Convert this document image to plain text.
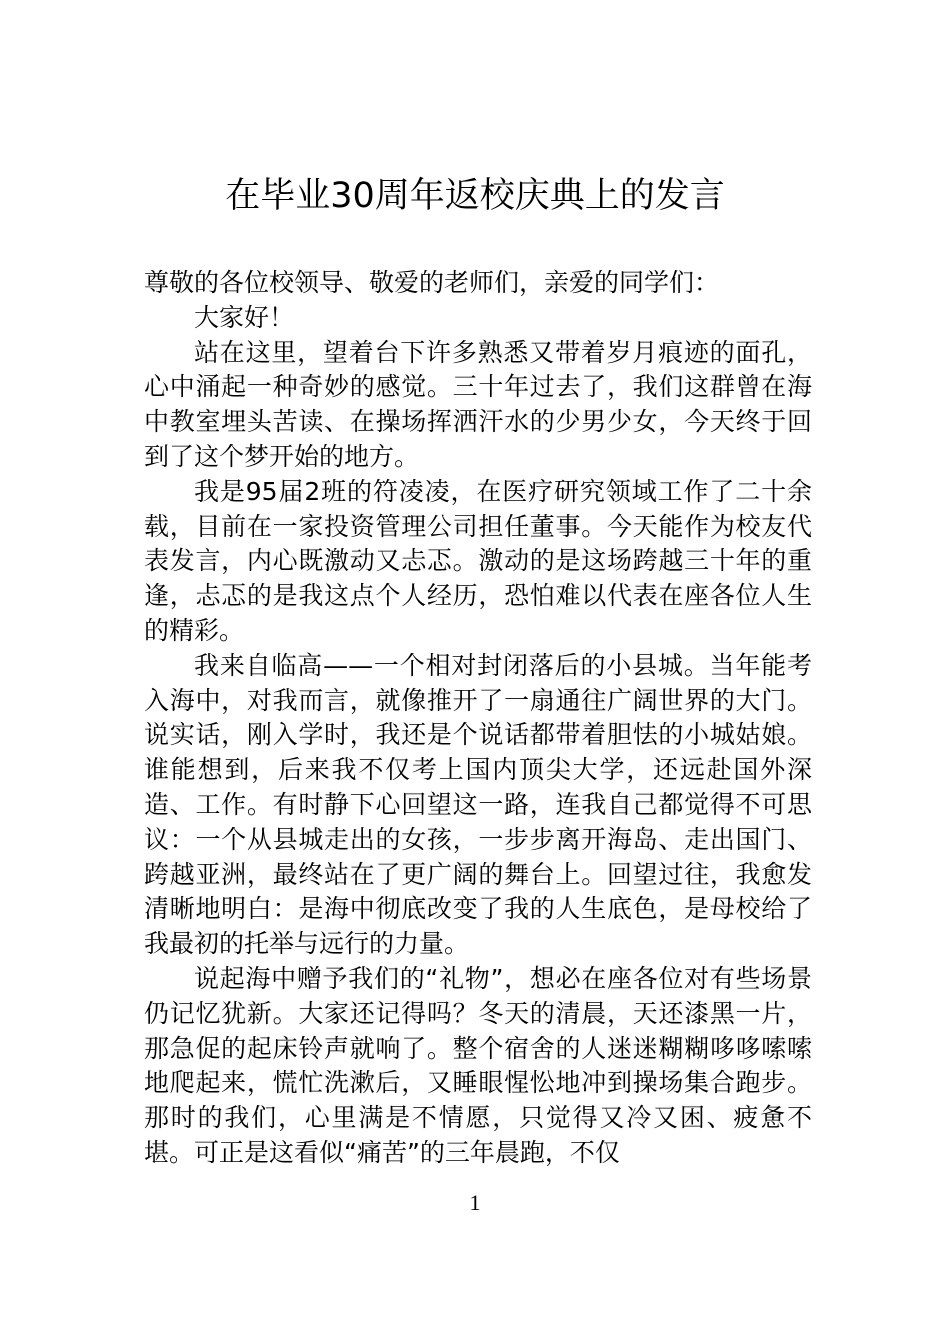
在毕业30周年返校庆典上的发言

尊敬的各位校领导、敬爱的老师们，亲爱的同学们：

大家好！

站在这里，望着台下许多熟悉又带着岁月痕迹的面孔，心中涌起一种奇妙的感觉。三十年过去了，我们这群曾在海中教室埋头苦读、在操场挥洒汗水的少男少女，今天终于回到了这个梦开始的地方。

我是95届2班的符凌凌，在医疗研究领域工作了二十余载，目前在一家投资管理公司担任董事。今天能作为校友代表发言，内心既激动又忐忑。激动的是这场跨越三十年的重逢，忐忑的是我这点个人经历，恐怕难以代表在座各位人生的精彩。

我来自临高——一个相对封闭落后的小县城。当年能考入海中，对我而言，就像推开了一扇通往广阔世界的大门。说实话，刚入学时，我还是个说话都带着胆怯的小城姑娘。谁能想到，后来我不仅考上国内顶尖大学，还远赴国外深造、工作。有时静下心回望这一路，连我自己都觉得不可思议：一个从县城走出的女孩，一步步离开海岛、走出国门、跨越亚洲，最终站在了更广阔的舞台上。回望过往，我愈发清晰地明白：是海中彻底改变了我的人生底色，是母校给了我最初的托举与远行的力量。

说起海中赠予我们的“礼物”，想必在座各位对有些场景仍记忆犹新。大家还记得吗？冬天的清晨，天还漆黑一片，那急促的起床铃声就响了。整个宿舍的人迷迷糊糊哆哆嗦嗦地爬起来，慌忙洗漱后，又睡眼惺忪地冲到操场集合跑步。那时的我们，心里满是不情愿，只觉得又冷又困、疲惫不堪。可正是这看似“痛苦”的三年晨跑，不仅

1
